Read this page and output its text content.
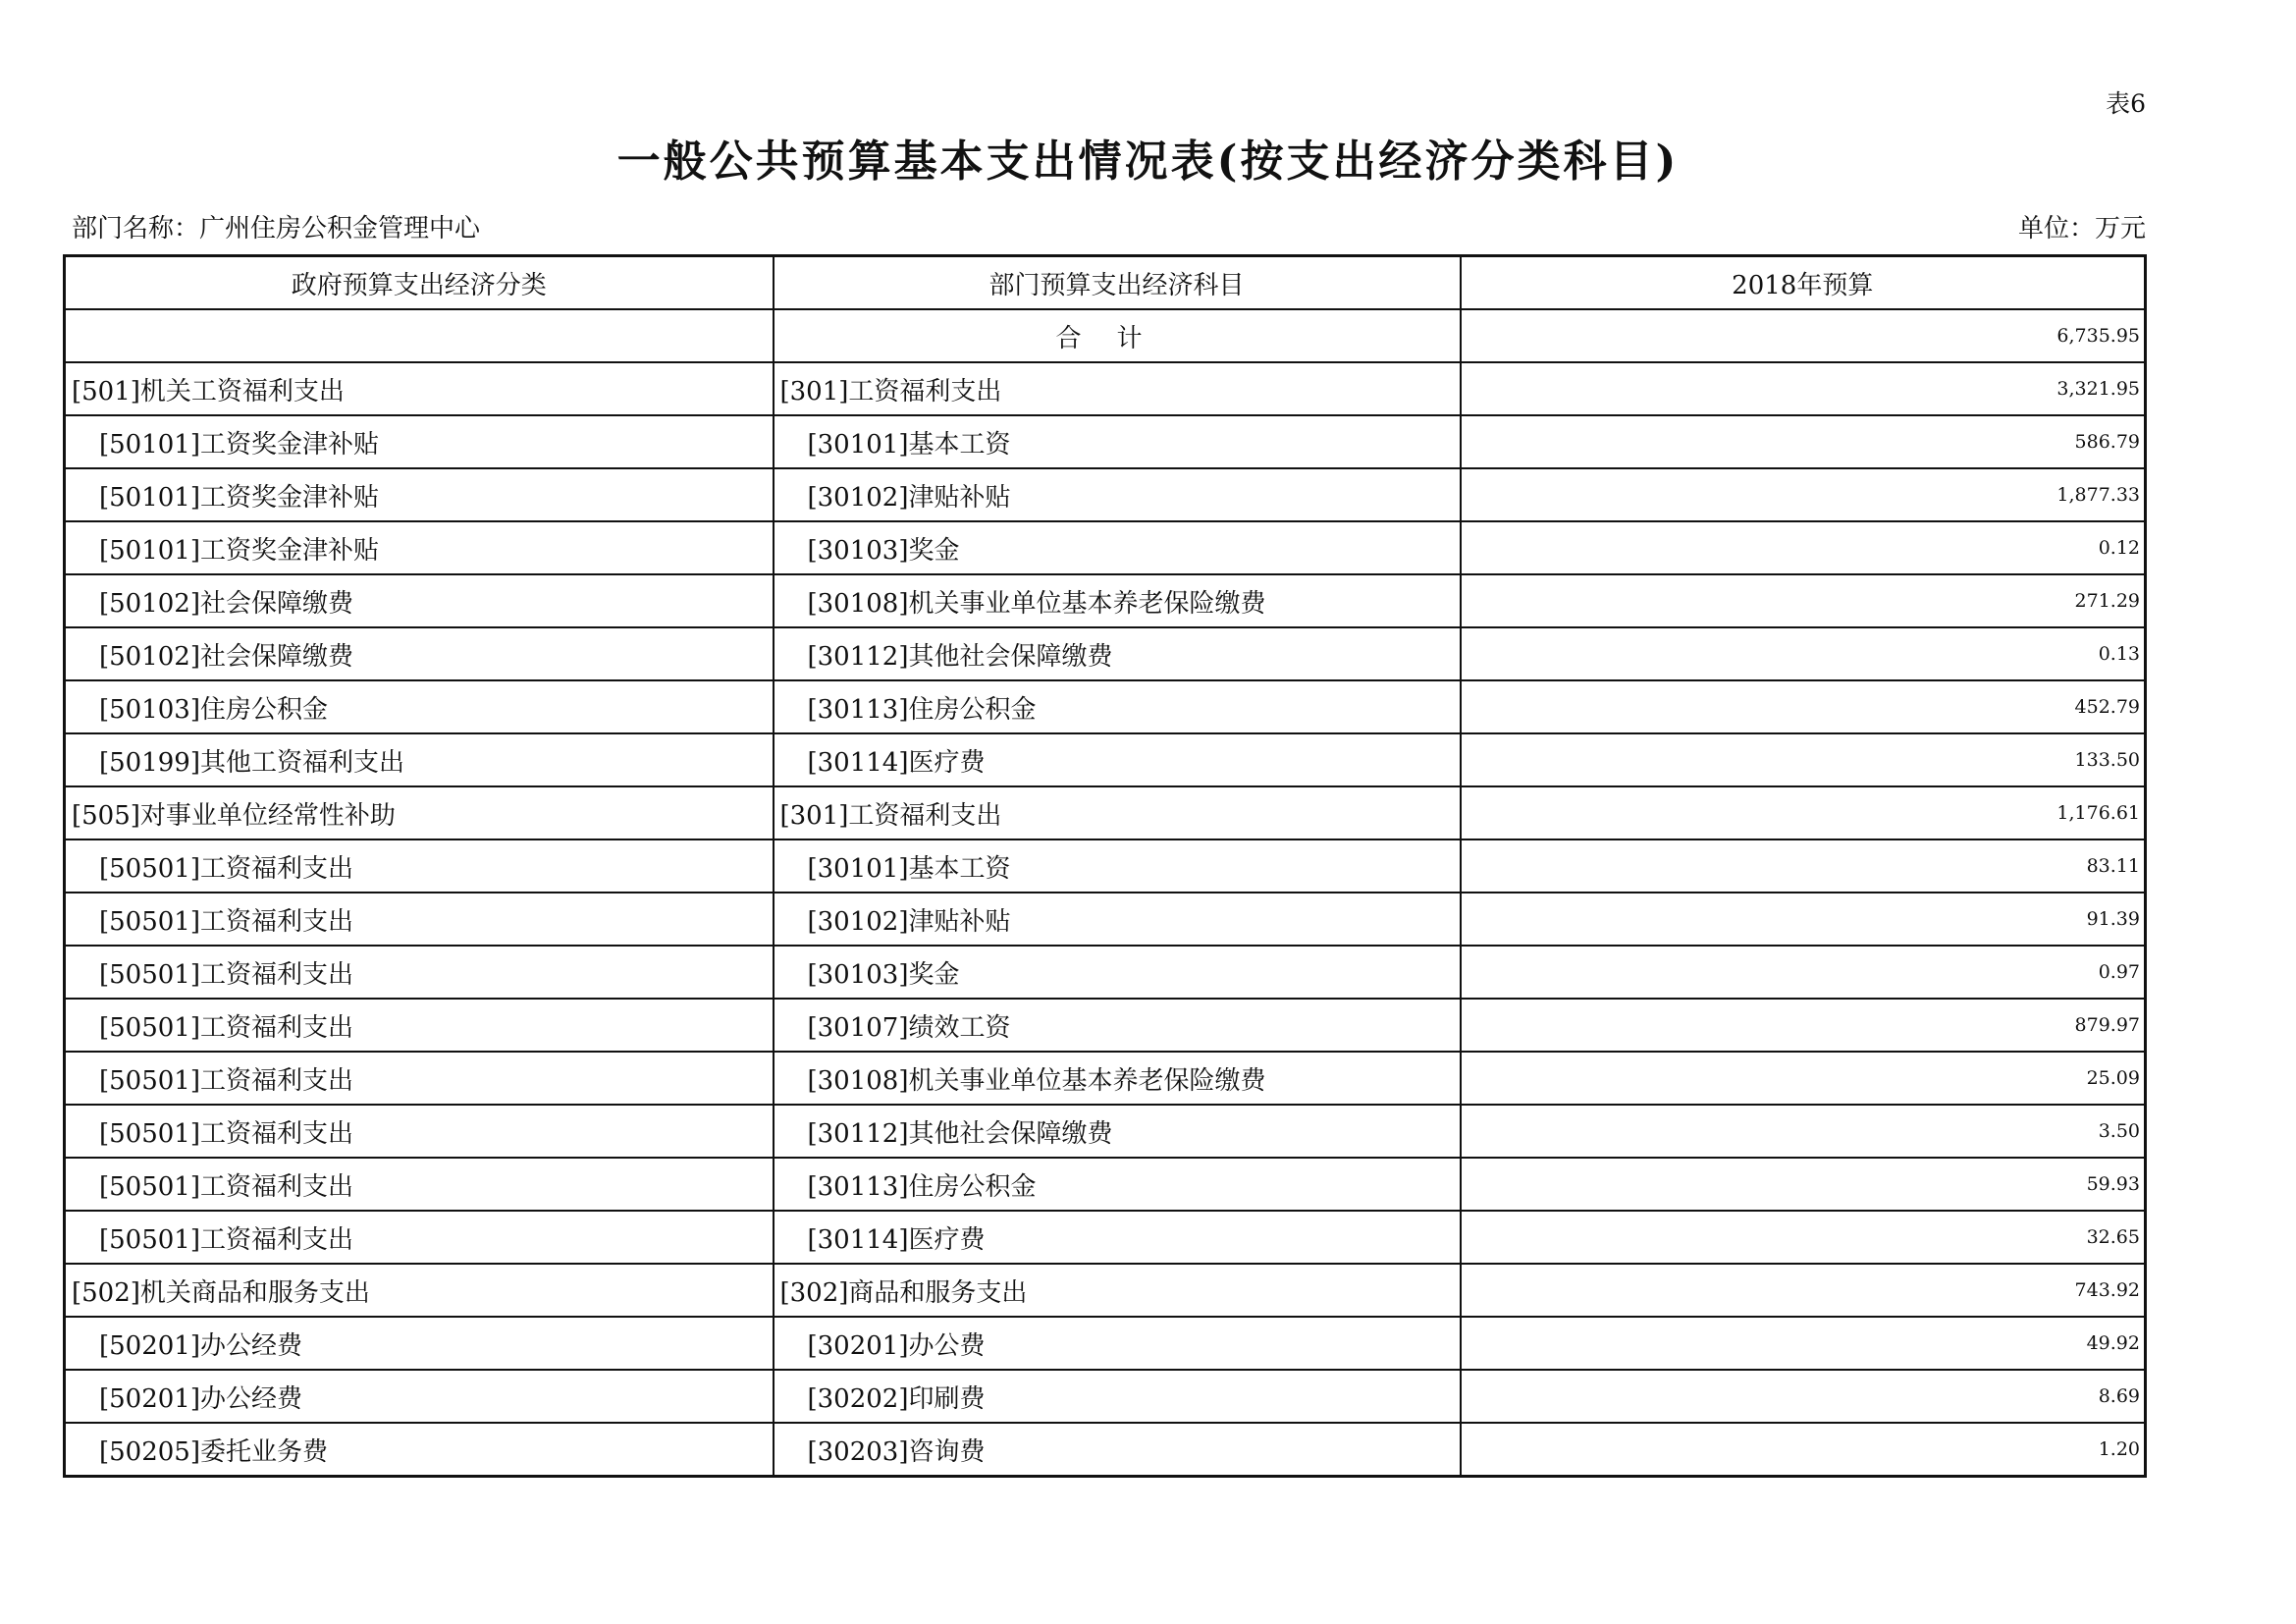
表6
一般公共预算基本支出情况表(按支出经济分类科目)
部门名称：广州住房公积金管理中心	单位：万元
政府预算支出经济分类	部门预算支出经济科目	2018年预算
	合计	6,735.95
[501]机关工资福利支出	[301]工资福利支出	3,321.95
[50101]工资奖金津补贴	[30101]基本工资	586.79
[50101]工资奖金津补贴	[30102]津贴补贴	1,877.33
[50101]工资奖金津补贴	[30103]奖金	0.12
[50102]社会保障缴费	[30108]机关事业单位基本养老保险缴费	271.29
[50102]社会保障缴费	[30112]其他社会保障缴费	0.13
[50103]住房公积金	[30113]住房公积金	452.79
[50199]其他工资福利支出	[30114]医疗费	133.50
[505]对事业单位经常性补助	[301]工资福利支出	1,176.61
[50501]工资福利支出	[30101]基本工资	83.11
[50501]工资福利支出	[30102]津贴补贴	91.39
[50501]工资福利支出	[30103]奖金	0.97
[50501]工资福利支出	[30107]绩效工资	879.97
[50501]工资福利支出	[30108]机关事业单位基本养老保险缴费	25.09
[50501]工资福利支出	[30112]其他社会保障缴费	3.50
[50501]工资福利支出	[30113]住房公积金	59.93
[50501]工资福利支出	[30114]医疗费	32.65
[502]机关商品和服务支出	[302]商品和服务支出	743.92
[50201]办公经费	[30201]办公费	49.92
[50201]办公经费	[30202]印刷费	8.69
[50205]委托业务费	[30203]咨询费	1.20
